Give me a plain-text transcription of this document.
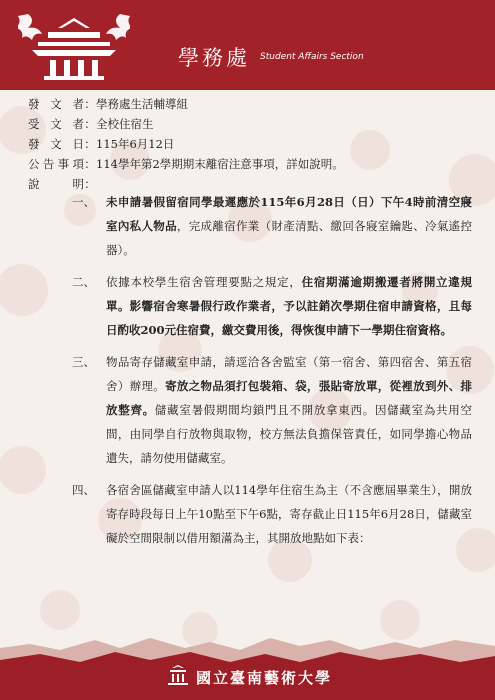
學務處 Student Affairs Section
發文者：學務處生活輔導組
受文者：全校住宿生
發文日：115年6月12日
公告事項：114學年第2學期期末離宿注意事項，詳如說明。
說明：
一、 未申請暑假留宿同學最遲應於115年6月28日（日）下午4時前清空寢室內私人物品，完成離宿作業（財產清點、繳回各寢室鑰匙、冷氣遙控器）。
二、 依據本校學生宿舍管理要點之規定，住宿期滿逾期搬遷者將開立違規單。影響宿舍寒暑假行政作業者，予以註銷次學期住宿申請資格，且每日酌收200元住宿費，繳交費用後，得恢復申請下一學期住宿資格。
三、 物品寄存儲藏室申請，請逕洽各舍監室（第一宿舍、第四宿舍、第五宿舍）辦理。寄放之物品須打包裝箱、袋，張貼寄放單，從裡放到外、排放整齊。儲藏室暑假期間均鎖門且不開放拿東西。因儲藏室為共用空間，由同學自行放物與取物，校方無法負擔保管責任，如同學擔心物品遺失，請勿使用儲藏室。
四、 各宿舍區儲藏室申請人以114學年住宿生為主（不含應屆畢業生），開放寄存時段每日上午10點至下午6點，寄存截止日115年6月28日，儲藏室礙於空間限制以借用額滿為主，其開放地點如下表：
國立臺南藝術大學
